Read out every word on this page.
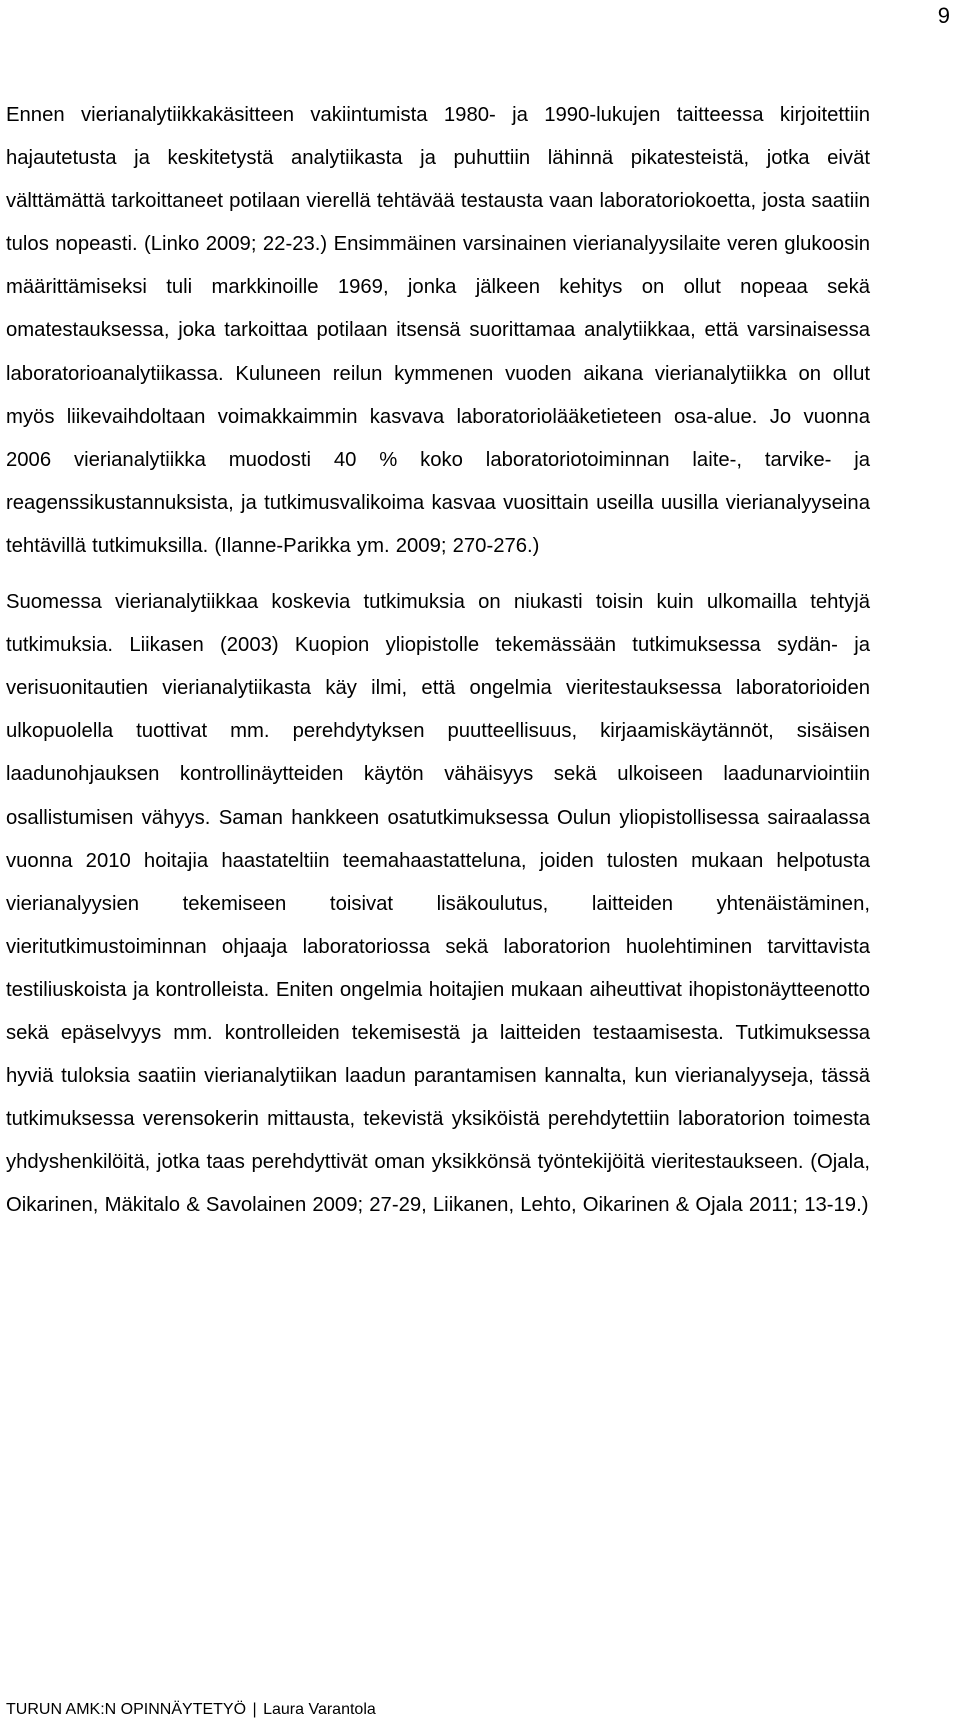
9

Ennen vierianalytiikkakäsitteen vakiintumista 1980- ja 1990-lukujen taitteessa kirjoitettiin hajautetusta ja keskitetystä analytiikasta ja puhuttiin lähinnä pikatesteistä, jotka eivät välttämättä tarkoittaneet potilaan vierellä tehtävää testausta vaan laboratoriokoetta, josta saatiin tulos nopeasti. (Linko 2009; 22-23.) Ensimmäinen varsinainen vierianalyysilaite veren glukoosin määrittämiseksi tuli markkinoille 1969, jonka jälkeen kehitys on ollut nopeaa sekä omatestauksessa, joka tarkoittaa potilaan itsensä suorittamaa analytiikkaa, että varsinaisessa laboratorioanalytiikassa. Kuluneen reilun kymmenen vuoden aikana vierianalytiikka on ollut myös liikevaihdoltaan voimakkaimmin kasvava laboratoriolääketieteen osa-alue. Jo vuonna 2006 vierianalytiikka muodosti 40 % koko laboratoriotoiminnan laite-, tarvike- ja reagenssikustannuksista, ja tutkimusvalikoima kasvaa vuosittain useilla uusilla vierianalyyseina tehtävillä tutkimuksilla. (Ilanne-Parikka ym. 2009; 270-276.)

Suomessa vierianalytiikkaa koskevia tutkimuksia on niukasti toisin kuin ulkomailla tehtyjä tutkimuksia. Liikasen (2003) Kuopion yliopistolle tekemässään tutkimuksessa sydän- ja verisuonitautien vierianalytiikasta käy ilmi, että ongelmia vieritestauksessa laboratorioiden ulkopuolella tuottivat mm. perehdytyksen puutteellisuus, kirjaamiskäytännöt, sisäisen laadunohjauksen kontrollinäytteiden käytön vähäisyys sekä ulkoiseen laadunarviointiin osallistumisen vähyys. Saman hankkeen osatutkimuksessa Oulun yliopistollisessa sairaalassa vuonna 2010 hoitajia haastateltiin teemahaastatteluna, joiden tulosten mukaan helpotusta vierianalyysien tekemiseen toisivat lisäkoulutus, laitteiden yhtenäistäminen, vieritutkimustoiminnan ohjaaja laboratoriossa sekä laboratorion huolehtiminen tarvittavista testiliuskoista ja kontrolleista. Eniten ongelmia hoitajien mukaan aiheuttivat ihopistonäytteenotto sekä epäselvyys mm. kontrolleiden tekemisestä ja laitteiden testaamisesta. Tutkimuksessa hyviä tuloksia saatiin vierianalytiikan laadun parantamisen kannalta, kun vierianalyyseja, tässä tutkimuksessa verensokerin mittausta, tekevistä yksiköistä perehdytettiin laboratorion toimesta yhdyshenkilöitä, jotka taas perehdyttivät oman yksikkönsä työntekijöitä vieritestaukseen. (Ojala, Oikarinen, Mäkitalo & Savolainen 2009; 27-29, Liikanen, Lehto, Oikarinen & Ojala 2011; 13-19.)

TURUN AMK:N OPINNÄYTETYÖ | Laura Varantola
